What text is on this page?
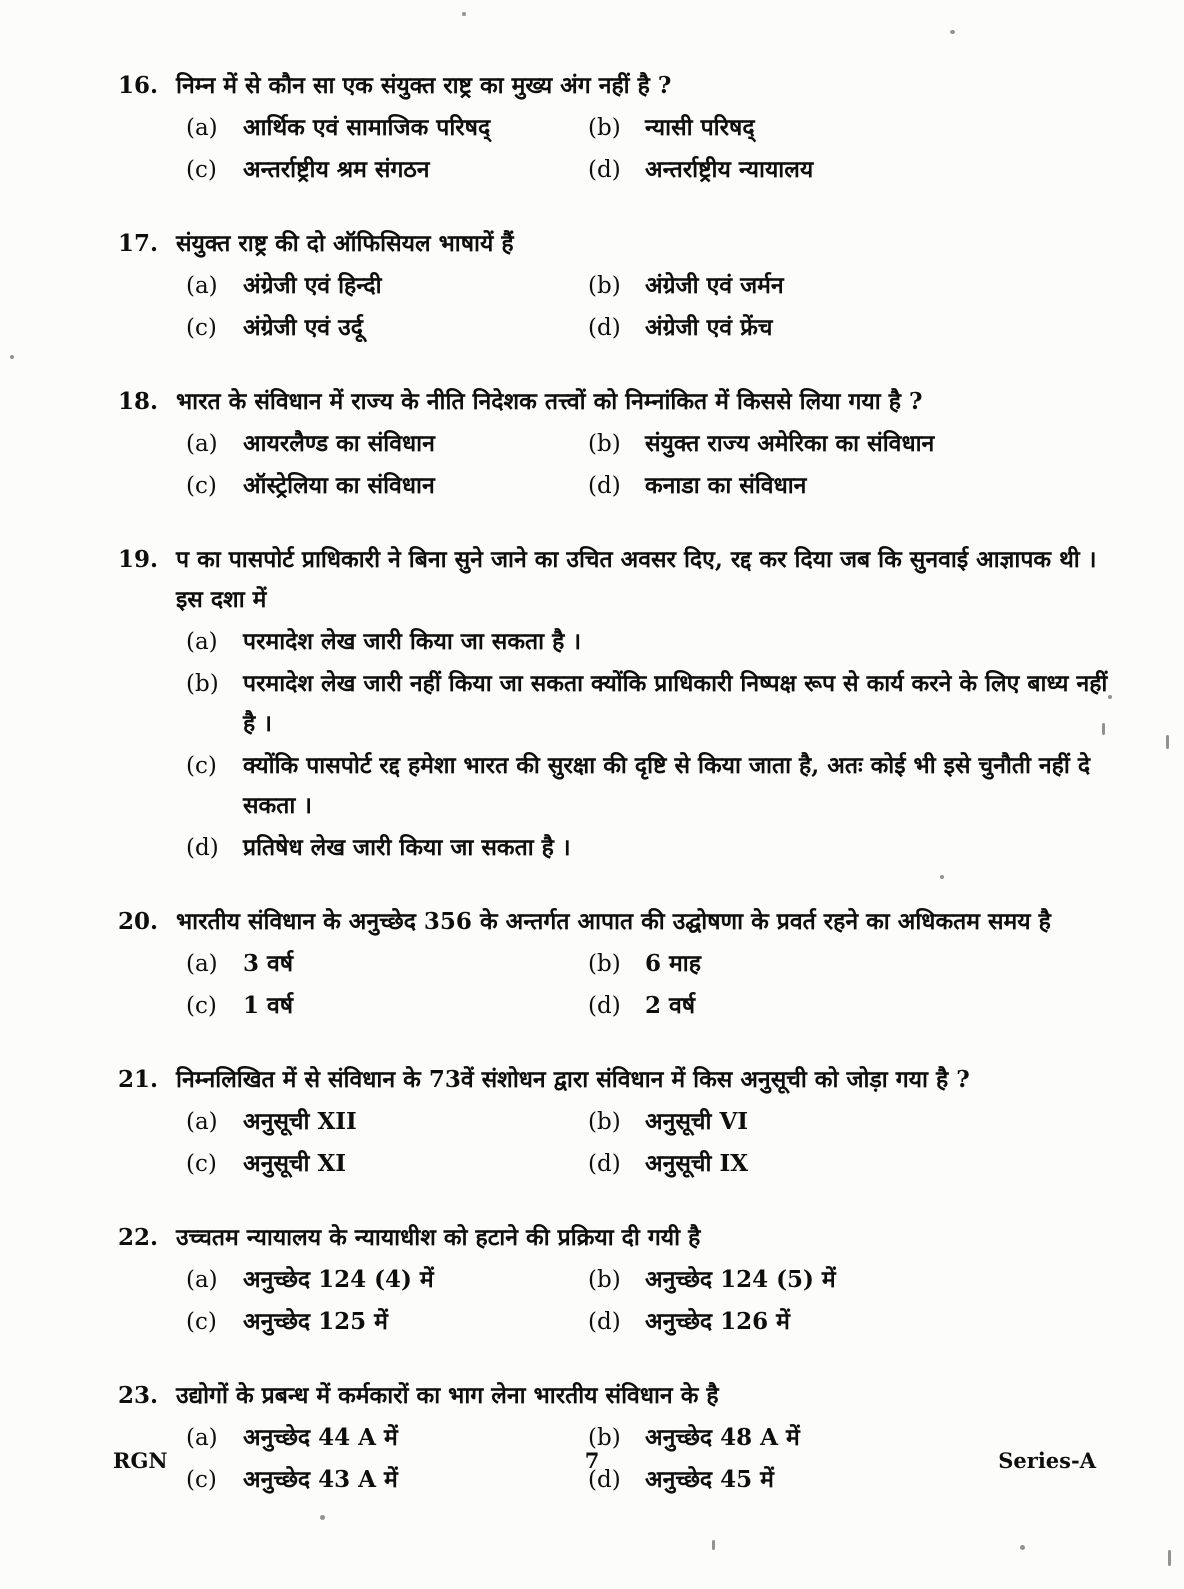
16. निम्न में से कौन सा एक संयुक्त राष्ट्र का मुख्य अंग नहीं है ?
(a)	आर्थिक एवं सामाजिक परिषद्	(b)	न्यासी परिषद्
(c)	अन्तर्राष्ट्रीय श्रम संगठन	(d)	अन्तर्राष्ट्रीय न्यायालय
17. संयुक्त राष्ट्र की दो ऑफिसियल भाषायें हैं
(a)	अंग्रेजी एवं हिन्दी	(b)	अंग्रेजी एवं जर्मन
(c)	अंग्रेजी एवं उर्दू	(d)	अंग्रेजी एवं फ्रेंच
18. भारत के संविधान में राज्य के नीति निदेशक तत्त्वों को निम्नांकित में किससे लिया गया है ?
(a)	आयरलैण्ड का संविधान	(b)	संयुक्त राज्य अमेरिका का संविधान
(c)	ऑस्ट्रेलिया का संविधान	(d)	कनाडा का संविधान
19. प का पासपोर्ट प्राधिकारी ने बिना सुने जाने का उचित अवसर दिए, रद्द कर दिया जब कि सुनवाई आज्ञापक थी । इस दशा में
(a)	परमादेश लेख जारी किया जा सकता है ।
(b)	परमादेश लेख जारी नहीं किया जा सकता क्योंकि प्राधिकारी निष्पक्ष रूप से कार्य करने के लिए बाध्य नहीं है ।
(c)	क्योंकि पासपोर्ट रद्द हमेशा भारत की सुरक्षा की दृष्टि से किया जाता है, अतः कोई भी इसे चुनौती नहीं दे सकता ।
(d)	प्रतिषेध लेख जारी किया जा सकता है ।
20. भारतीय संविधान के अनुच्छेद 356 के अन्तर्गत आपात की उद्घोषणा के प्रवर्त रहने का अधिकतम समय है
(a)	3 वर्ष	(b)	6 माह
(c)	1 वर्ष	(d)	2 वर्ष
21. निम्नलिखित में से संविधान के 73वें संशोधन द्वारा संविधान में किस अनुसूची को जोड़ा गया है ?
(a)	अनुसूची XII	(b)	अनुसूची VI
(c)	अनुसूची XI	(d)	अनुसूची IX
22. उच्चतम न्यायालय के न्यायाधीश को हटाने की प्रक्रिया दी गयी है
(a)	अनुच्छेद 124 (4) में	(b)	अनुच्छेद 124 (5) में
(c)	अनुच्छेद 125 में	(d)	अनुच्छेद 126 में
23. उद्योगों के प्रबन्ध में कर्मकारों का भाग लेना भारतीय संविधान के है
(a)	अनुच्छेद 44 A में	(b)	अनुच्छेद 48 A में
(c)	अनुच्छेद 43 A में	(d)	अनुच्छेद 45 में
RGN	7	Series-A
